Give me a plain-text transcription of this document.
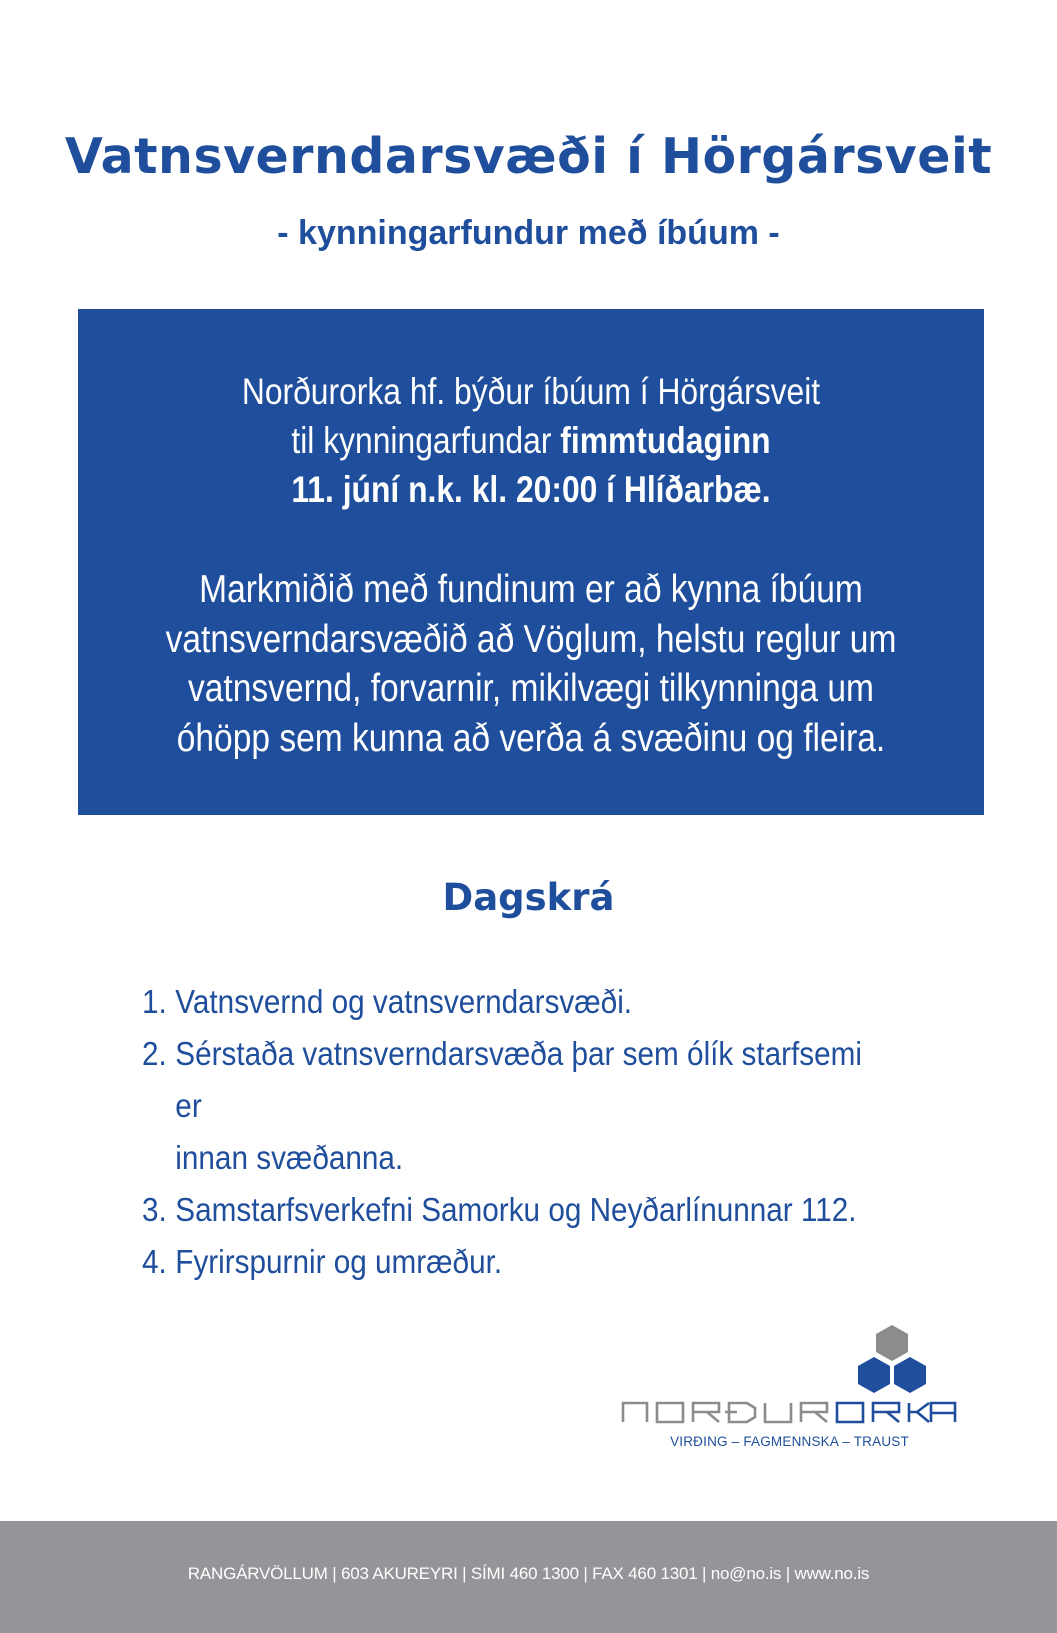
Vatnsverndarsvæði í Hörgársveit

- kynningarfundur með íbúum -

Norðurorka hf. býður íbúum í Hörgársveit
til kynningarfundar fimmtudaginn
11. júní n.k. kl. 20:00 í Hlíðarbæ.
Markmiðið með fundinum er að kynna íbúum
vatnsverndarsvæðið að Vöglum, helstu reglur um
vatnsvernd, forvarnir, mikilvægi tilkynninga um
óhöpp sem kunna að verða á svæðinu og fleira.
Dagskrá
1. Vatnsvernd og vatnsverndarsvæði.
2. Sérstaða vatnsverndarsvæða þar sem ólík starfsemi er
innan svæðanna.
3. Samstarfsverkefni Samorku og Neyðarlínunnar 112.
4. Fyrirspurnir og umræður.
VIRÐING – FAGMENNSKA – TRAUST
RANGÁRVÖLLUM | 603 AKUREYRI | SÍMI 460 1300 | FAX 460 1301 | no@no.is | www.no.is
